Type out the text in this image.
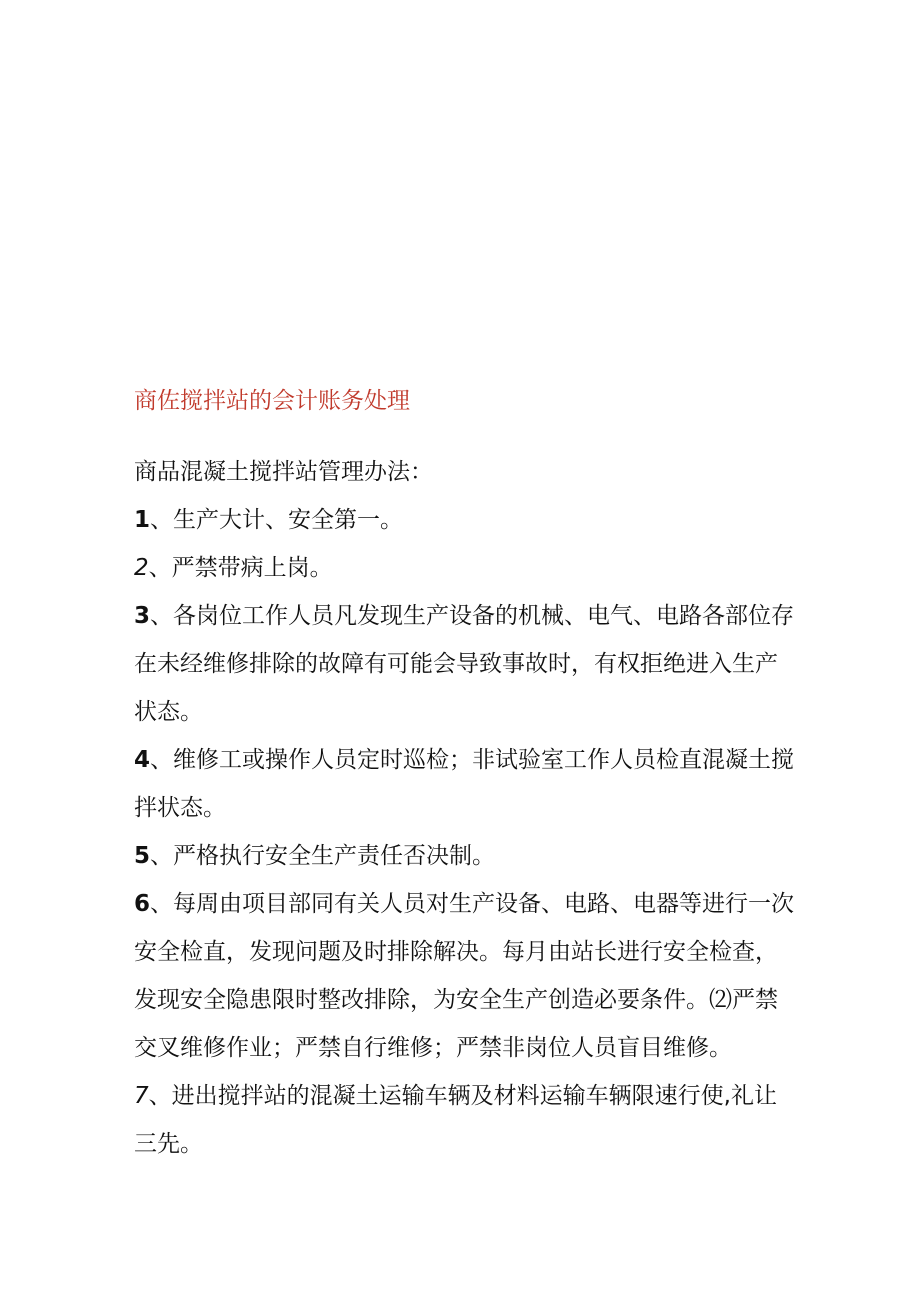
商佐搅拌站的会计账务处理

商品混凝土搅拌站管理办法：

1、生产大计、安全第一。

2、严禁带病上岗。

3、各岗位工作人员凡发现生产设备的机械、电气、电路各部位存在未经维修排除的故障有可能会导致事故时，有权拒绝进入生产状态。

4、维修工或操作人员定时巡检；非试验室工作人员检直混凝土搅拌状态。

5、严格执行安全生产责任否决制。

6、每周由项目部同有关人员对生产设备、电路、电器等进行一次安全检直，发现问题及时排除解决。每月由站长进行安全检查，发现安全隐患限时整改排除，为安全生产创造必要条件。⑵严禁交叉维修作业；严禁自行维修；严禁非岗位人员盲目维修。

7、进出搅拌站的混凝土运输车辆及材料运输车辆限速行使,礼让三先。
